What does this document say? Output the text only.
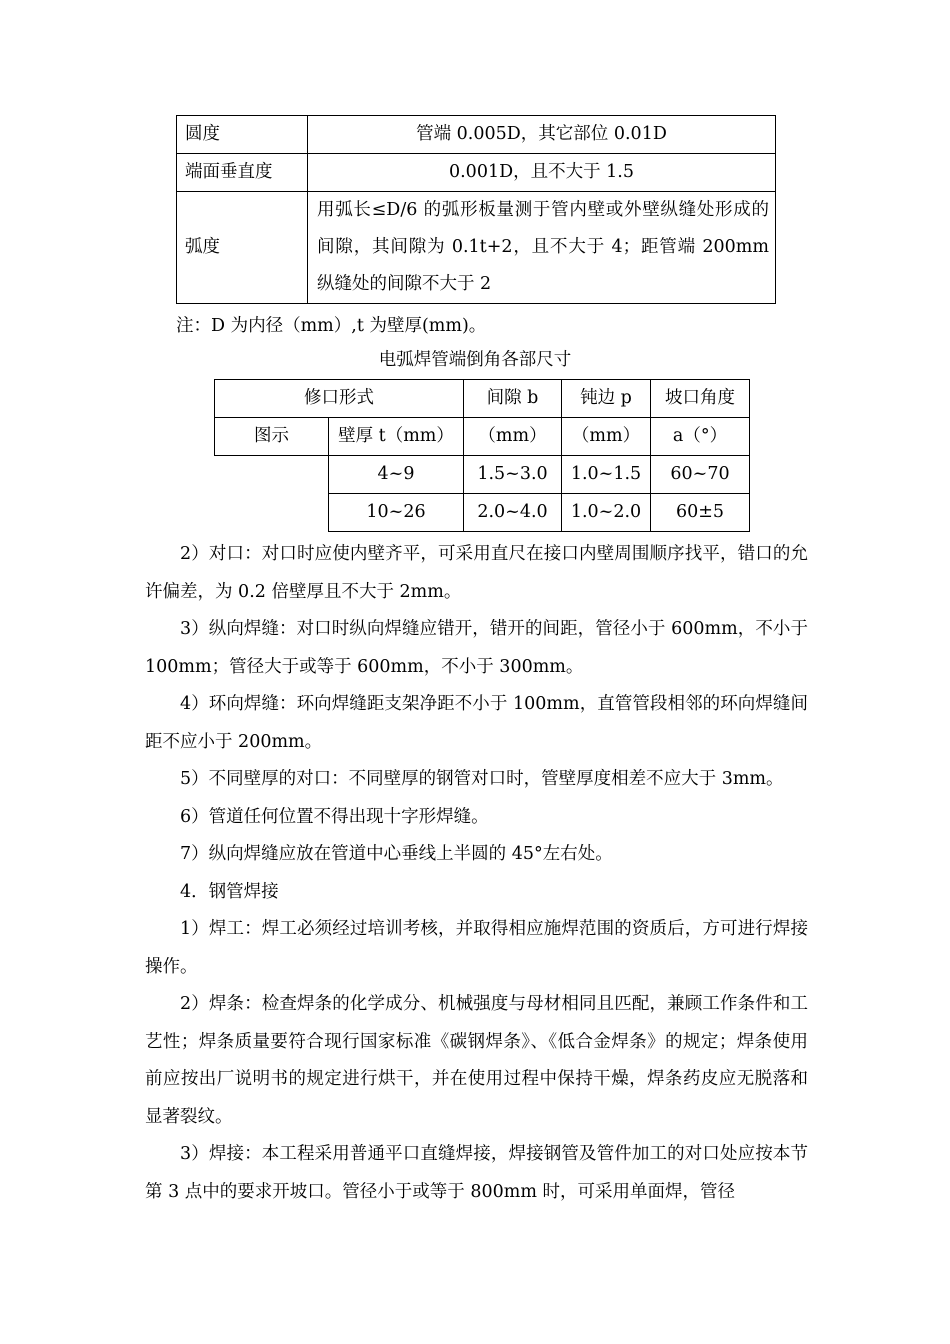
圆度	管端 0.005D，其它部位 0.01D
端面垂直度	0.001D，且不大于 1.5
弧度	用弧长≤D/6 的弧形板量测于管内壁或外壁纵缝处形成的间隙，其间隙为 0.1t+2，且不大于 4；距管端 200mm 纵缝处的间隙不大于 2
注：D 为内径（mm）,t 为壁厚(mm)。
电弧焊管端倒角各部尺寸
修口形式		间隙 b	钝边 p	坡口角度
图示	壁厚 t（mm）	（mm）	（mm）	a（°）
	4~9	1.5~3.0	1.0~1.5	60~70
	10~26	2.0~4.0	1.0~2.0	60±5

2）对口：对口时应使内壁齐平，可采用直尺在接口内壁周围顺序找平，错口的允许偏差，为 0.2 倍壁厚且不大于 2mm。

3）纵向焊缝：对口时纵向焊缝应错开，错开的间距，管径小于 600mm，不小于 100mm；管径大于或等于 600mm，不小于 300mm。

4）环向焊缝：环向焊缝距支架净距不小于 100mm，直管管段相邻的环向焊缝间距不应小于 200mm。

5）不同壁厚的对口：不同壁厚的钢管对口时，管壁厚度相差不应大于 3mm。

6）管道任何位置不得出现十字形焊缝。

7）纵向焊缝应放在管道中心垂线上半圆的 45°左右处。

4．钢管焊接

1）焊工：焊工必须经过培训考核，并取得相应施焊范围的资质后，方可进行焊接操作。

2）焊条：检查焊条的化学成分、机械强度与母材相同且匹配，兼顾工作条件和工艺性；焊条质量要符合现行国家标准《碳钢焊条》、《低合金焊条》的规定；焊条使用前应按出厂说明书的规定进行烘干，并在使用过程中保持干燥，焊条药皮应无脱落和显著裂纹。

3）焊接：本工程采用普通平口直缝焊接，焊接钢管及管件加工的对口处应按本节第 3 点中的要求开坡口。管径小于或等于 800mm 时，可采用单面焊，管径
